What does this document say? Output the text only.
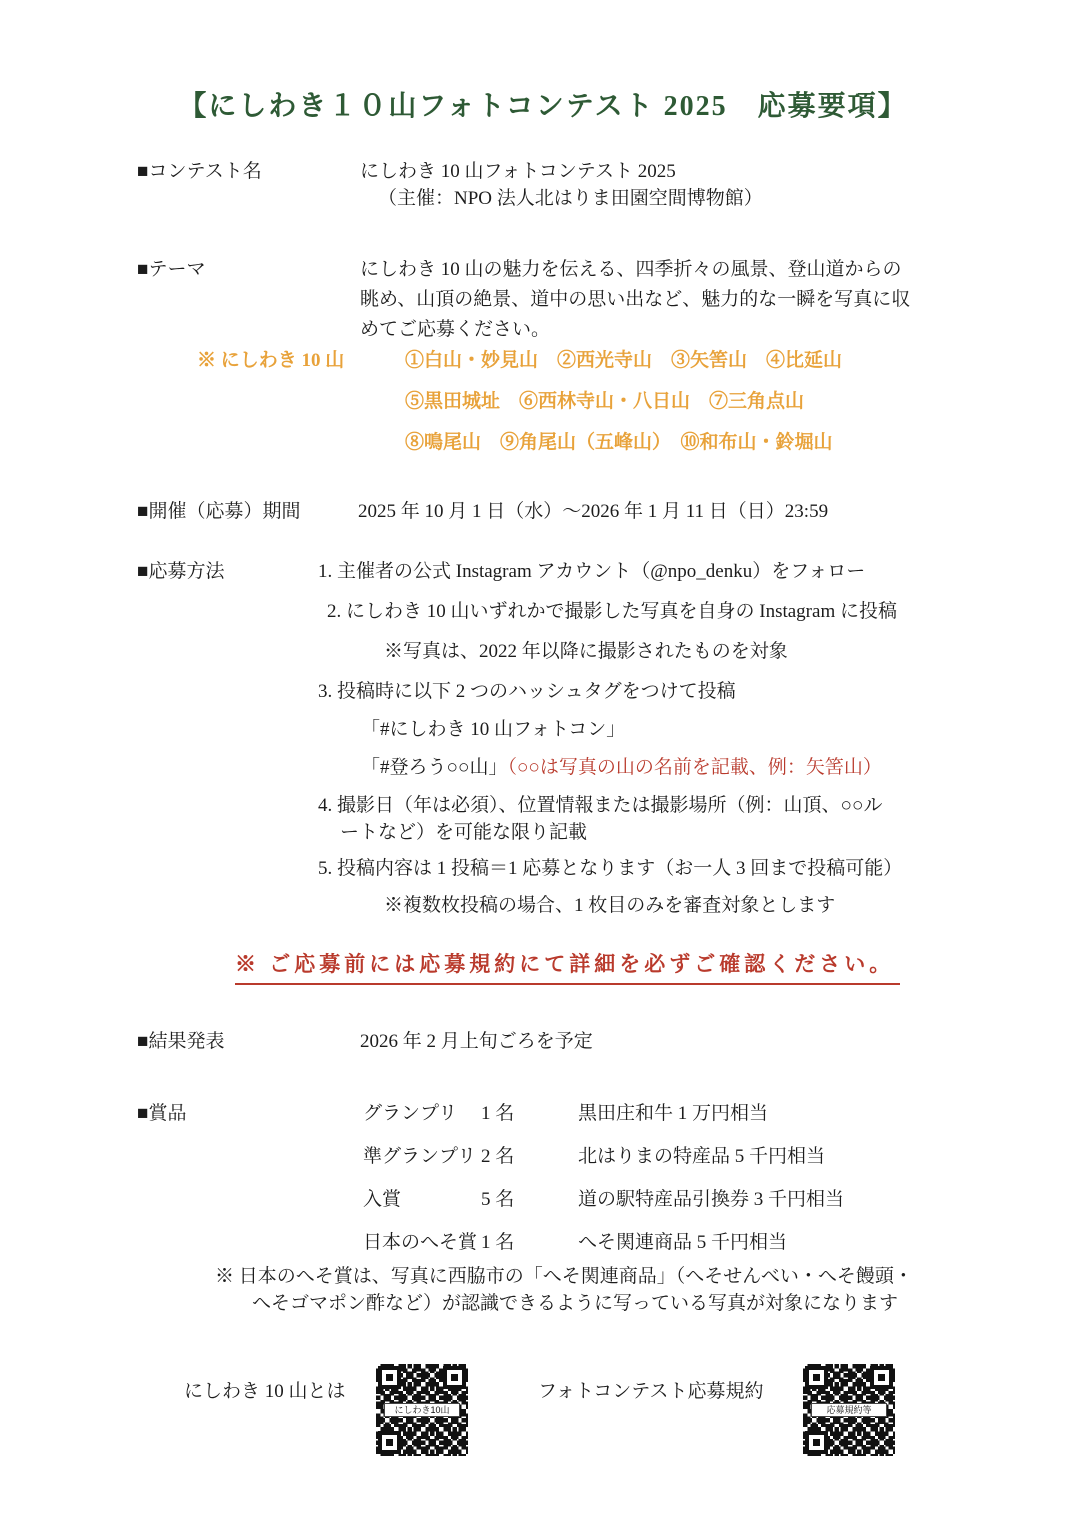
【にしわき１０山フォトコンテスト 2025　応募要項】
■コンテスト名	にしわき 10 山フォトコンテスト 2025
（主催：NPO 法人北はりま田園空間博物館）
■テーマ	にしわき 10 山の魅力を伝える、四季折々の風景、登山道からの
眺め、山頂の絶景、道中の思い出など、魅力的な一瞬を写真に収
めてご応募ください。
※ にしわき 10 山	①白山・妙見山　②西光寺山　③矢筈山　④比延山
⑤黒田城址　⑥西林寺山・八日山　⑦三角点山
⑧鳴尾山　⑨角尾山（五峰山）　⑩和布山・鈴堀山
■開催（応募）期間	2025 年 10 月 1 日（水）～2026 年 1 月 11 日（日）23:59
■応募方法	1. 主催者の公式 Instagram アカウント（@npo_denku）をフォロー
2. にしわき 10 山いずれかで撮影した写真を自身の Instagram に投稿
※写真は、2022 年以降に撮影されたものを対象
3. 投稿時に以下 2 つのハッシュタグをつけて投稿
「#にしわき 10 山フォトコン」
「#登ろう○○山」（○○は写真の山の名前を記載、例：矢筈山）
4. 撮影日（年は必須）、位置情報または撮影場所（例：山頂、○○ル
ートなど）を可能な限り記載
5. 投稿内容は 1 投稿＝1 応募となります（お一人 3 回まで投稿可能）
※複数枚投稿の場合、1 枚目のみを審査対象とします
※ ご応募前には応募規約にて詳細を必ずご確認ください。
■結果発表	2026 年 2 月上旬ごろを予定
■賞品	グランプリ 1 名	黒田庄和牛 1 万円相当
準グランプリ 2 名	北はりまの特産品 5 千円相当
入賞	5 名	道の駅特産品引換券 3 千円相当
日本のへそ賞 1 名	へそ関連商品 5 千円相当
※ 日本のへそ賞は、写真に西脇市の「へそ関連商品」（へそせんべい・へそ饅頭・
へそゴマポン酢など）が認識できるように写っている写真が対象になります
にしわき 10 山とは
にしわき10山
フォトコンテスト応募規約
応募規約等
